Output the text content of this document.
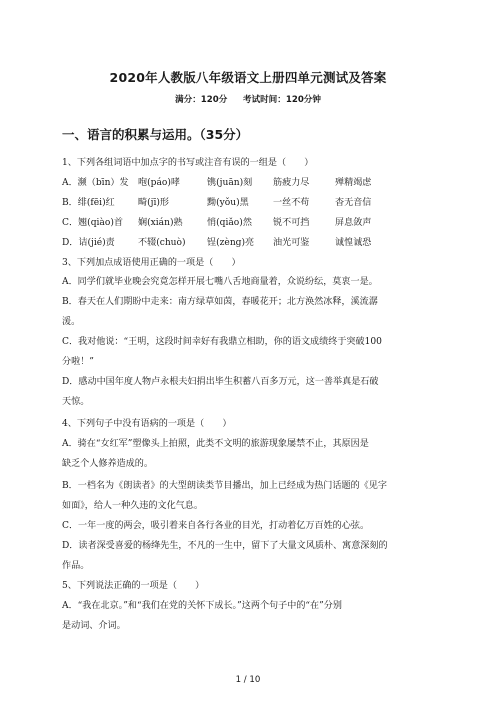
2020年人教版八年级语文上册四单元测试及答案
满分：120分　 考试时间：120分钟
一、语言的积累与运用。（35分）
1、下列各组词语中加点字的书写或注音有误的一组是（　　）
A．濒（bīn）发 咆(páo)哮	镌(juān)刻 筋疲力尽	殚精竭虑
B．绯(fēi)红	畸(jī)形	黝(yǒu)黑	一丝不苟	杳无音信
C．翘(qiào)首 娴(xián)熟	悄(qiǎo)然 锐不可挡	屏息敛声
D．诘(jié)责	不辍(chuò) 锃(zèng)亮 油光可鉴	诚惶诚恐
3、下列加点成语使用正确的一项是（　　）
A．同学们就毕业晚会究竟怎样开展七嘴八舌地商量着，众说纷纭，莫衷一是。
B．春天在人们期盼中走来：南方绿草如茵，春暖花开；北方涣然冰释，溪流潺
湲。
C．我对他说：“王明，这段时间幸好有我鼎立相助，你的语文成绩终于突破100
分啦！”
D．感动中国年度人物卢永根夫妇捐出毕生积蓄八百多万元，这一善举真是石破
天惊。
4、下列句子中没有语病的一项是（　　）
A．骑在“女红军”塑像头上拍照，此类不文明的旅游现象屡禁不止，其原因是
缺乏个人修养造成的。
B．一档名为《朗读者》的大型朗读类节目播出，加上已经成为热门话题的《见字
如面》，给人一种久违的文化气息。
C．一年一度的两会，吸引着来自各行各业的目光，打动着亿万百姓的心弦。
D．读者深受喜爱的杨绛先生，不凡的一生中，留下了大量文风质朴、寓意深刻的
作品。
5、下列说法正确的一项是（　　）
A．“我在北京。”和“我们在党的关怀下成长。”这两个句子中的“在”分别
是动词、介词。
1 / 10
